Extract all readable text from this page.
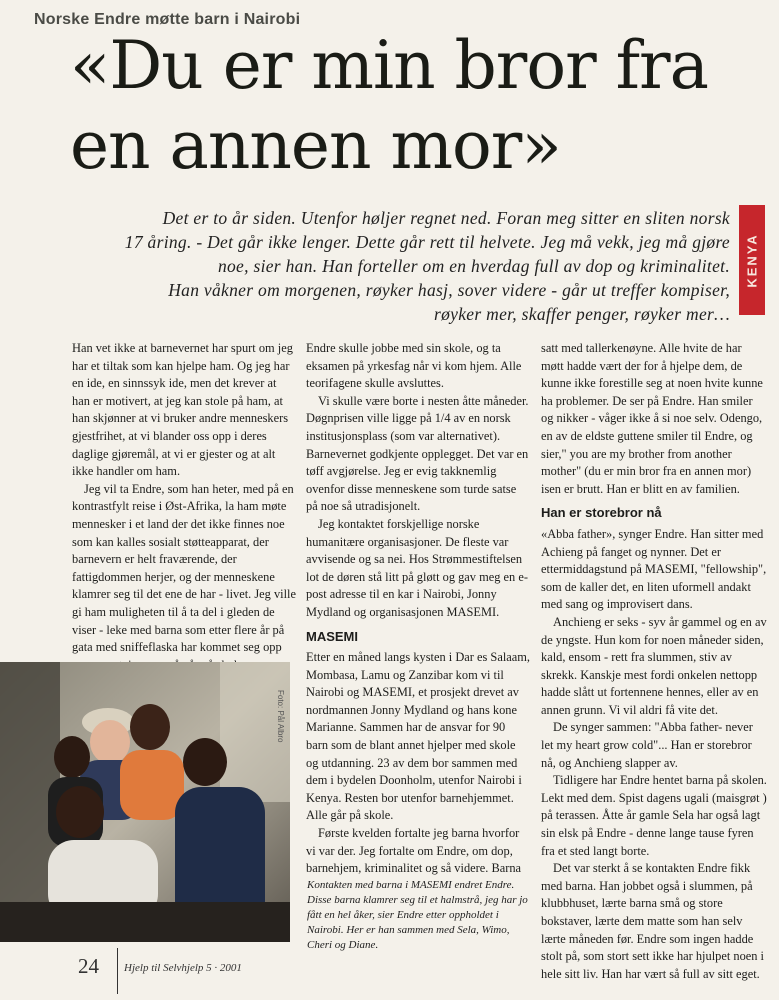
Norske Endre møtte barn i Nairobi
«Du er min bror fra
en annen mor»

Det er to år siden. Utenfor høljer regnet ned. Foran meg sitter en sliten norsk
17 åring. - Det går ikke lenger. Dette går rett til helvete. Jeg må vekk, jeg må gjøre
noe, sier han. Han forteller om en hverdag full av dop og kriminalitet.
Han våkner om morgenen, røyker hasj, sover videre - går ut treffer kompiser,
røyker mer, skaffer penger, røyker mer…

KENYA

Han vet ikke at barnevernet har spurt om jeg har et tiltak som kan hjelpe ham. Og jeg har en ide, en sinnssyk ide, men det krever at han er motivert, at jeg kan stole på ham, at han skjønner at vi bruker andre menneskers gjestfrihet, at vi blander oss opp i deres daglige gjøremål, at vi er gjester og at alt ikke handler om ham.

Jeg vil ta Endre, som han heter, med på en kontrastfylt reise i Øst-Afrika, la ham møte mennesker i et land der det ikke finnes noe som kan kalles sosialt støtteapparat, der barnevern er helt fraværende, der fattigdommen herjer, og der menneskene klamrer seg til det ene de har - livet. Jeg ville gi ham muligheten til å ta del i gleden de viser - leke med barna som etter flere år på gata med sniffeflaska har kommet seg opp

Endre skulle jobbe med sin skole, og ta eksamen på yrkesfag når vi kom hjem. Alle teorifagene skulle avsluttes.

Vi skulle være borte i nesten åtte måneder. Døgnprisen ville ligge på 1/4 av en norsk institusjonsplass (som var alternativet). Barnevernet godkjente opplegget. Det var en tøff avgjørelse. Jeg er evig takknemlig ovenfor disse menneskene som turde satse på noe så utradisjonelt.

Jeg kontaktet forskjellige norske humanitære organisasjoner. De fleste var avvisende og sa nei. Hos Strømmestiftelsen lot de døren stå litt på gløtt og gav meg en e-post adresse til en kar i Nairobi, Jonny Mydland og organisasjonen MASEMI.

MASEMI

Etter en måned langs kysten i Dar es Salaam, Mombasa, Lamu og Zanzibar kom vi til Nairobi og MASEMI, et prosjekt drevet av nordmannen Jonny Mydland og hans kone Marianne. Sammen har de ansvar for 90 barn som de blant annet hjelper med skole og utdanning. 23 av dem bor sammen med dem i bydelen Doonholm, utenfor Nairobi i Kenya. Resten bor utenfor barnehjemmet. Alle går på skole.

Første kvelden fortalte jeg barna hvorfor vi var der. Jeg fortalte om Endre, om dop, barnehjem, kriminalitet og så videre. Barna

satt med tallerkenøyne. Alle hvite de har møtt hadde vært der for å hjelpe dem, de kunne ikke forestille seg at noen hvite kunne ha problemer. De ser på Endre. Han smiler og nikker - våger ikke å si noe selv. Odengo, en av de eldste guttene smiler til Endre, og sier," you are my brother from another mother" (du er min bror fra en annen mor) isen er brutt. Han er blitt en av familien.

Han er storebror nå

«Abba father», synger Endre. Han sitter med Achieng på fanget og nynner. Det er ettermiddagstund på MASEMI, "fellowship", som de kaller det, en liten uformell andakt med sang og improvisert dans.

Anchieng er seks - syv år gammel og en av de yngste. Hun kom for noen måneder siden, kald, ensom - rett fra slummen, stiv av skrekk. Kanskje mest fordi onkelen nettopp hadde slått ut fortennene hennes, eller av en annen grunn. Vi vil aldri få vite det.

De synger sammen: "Abba father- never let my heart grow cold"... Han er storebror nå, og Anchieng slapper av.

Tidligere har Endre hentet barna på skolen. Lekt med dem. Spist dagens ugali (maisgrøt ) på terassen. Åtte år gamle Sela har også lagt sin elsk på Endre - denne lange tause fyren fra et sted langt borte.

Det var sterkt å se kontakten Endre fikk med barna. Han jobbet også i slummen, på klubbhuset, lærte barna små og store bokstaver, lærte dem matte som han selv lærte måneden før. Endre som ingen hadde stolt på, som stort sett ikke har hjulpet noen i hele sitt liv. Han har vært så full av sitt eget.

Kontakten med barna i MASEMI endret Endre. Disse barna klamrer seg til et halmstrå, jeg har jo fått en hel åker, sier Endre etter oppholdet i Nairobi. Her er han sammen med Sela, Wimo, Cheri og Diane.

24 Hjelp til Selvhjelp 5 · 2001
